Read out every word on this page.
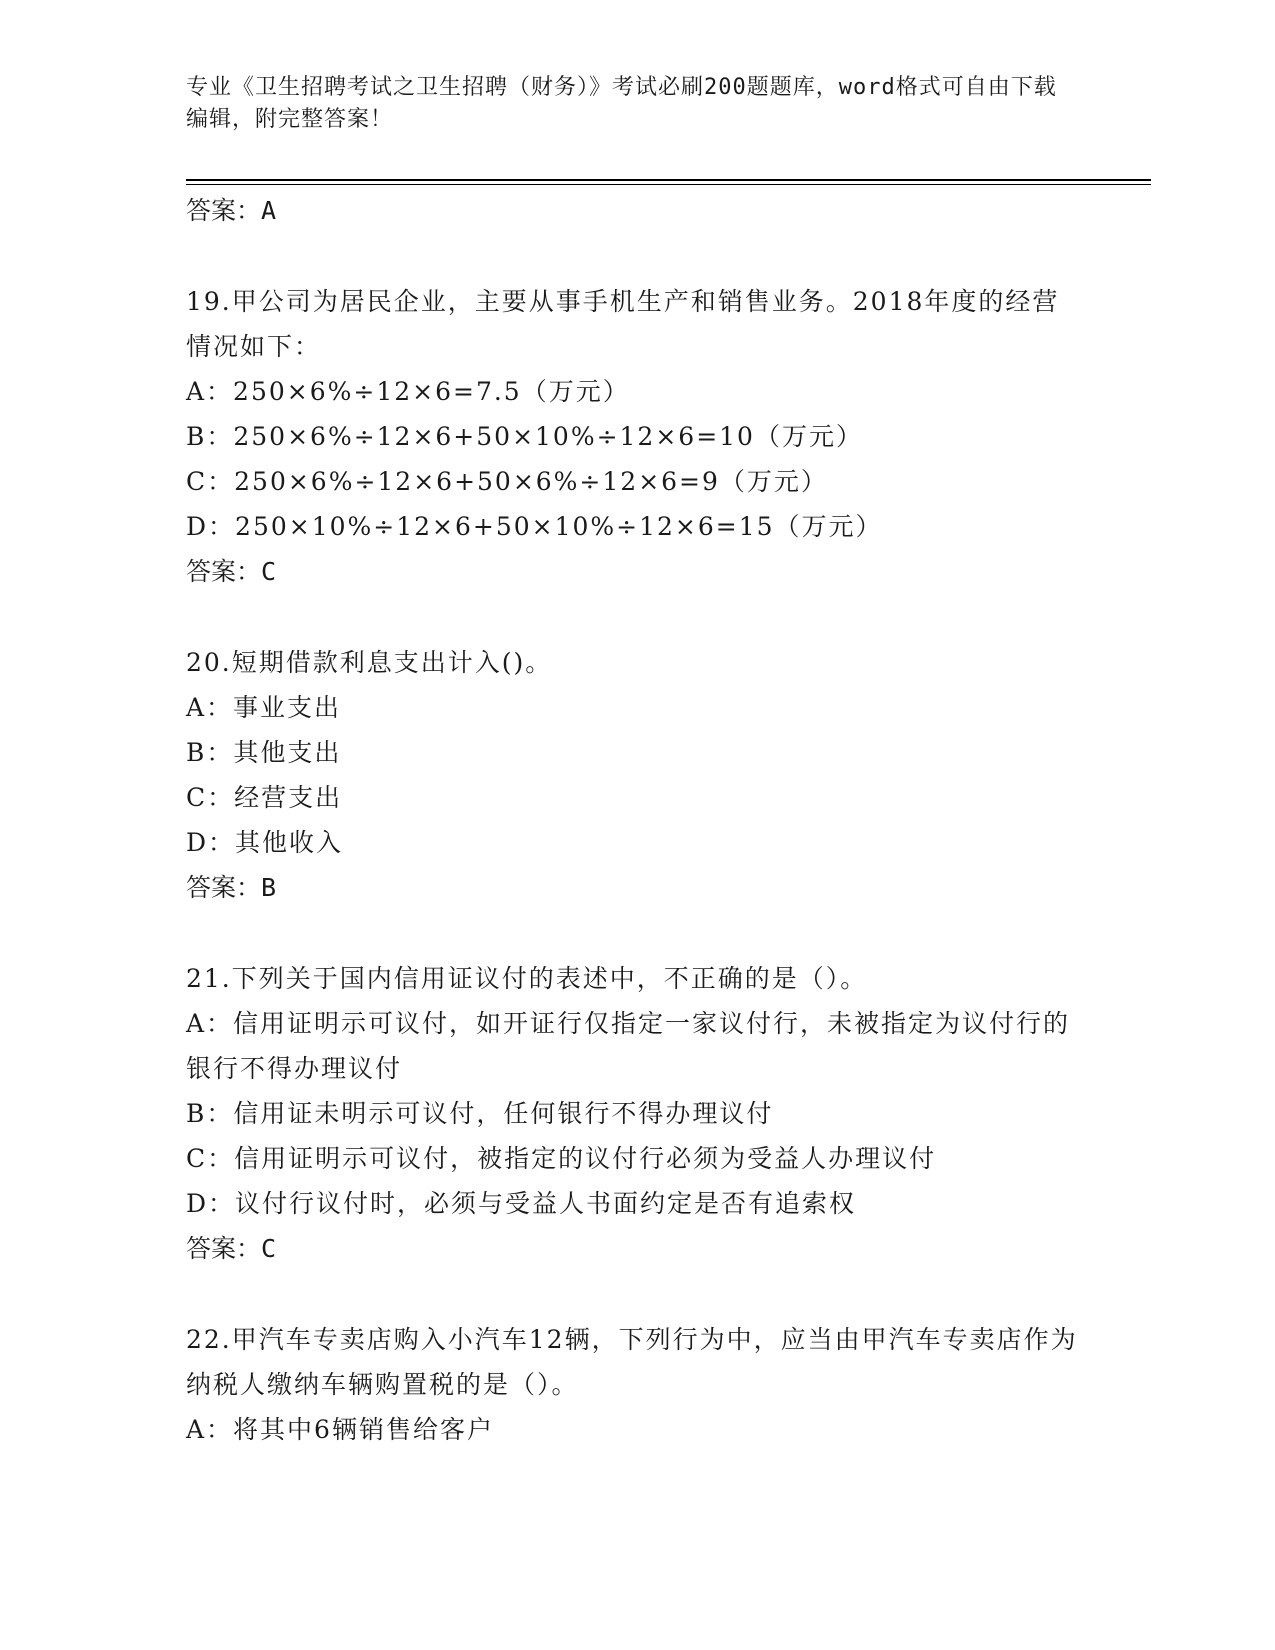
专业《卫生招聘考试之卫生招聘（财务）》考试必刷200题题库，word格式可自由下载编辑，附完整答案！

答案：A

19.甲公司为居民企业，主要从事手机生产和销售业务。2018年度的经营情况如下：

A：250×6%÷12×6=7.5（万元）

B：250×6%÷12×6+50×10%÷12×6=10（万元）

C：250×6%÷12×6+50×6%÷12×6=9（万元）

D：250×10%÷12×6+50×10%÷12×6=15（万元）

答案：C

20.短期借款利息支出计入()。

A：事业支出

B：其他支出

C：经营支出

D：其他收入

答案：B

21.下列关于国内信用证议付的表述中，不正确的是（）。

A：信用证明示可议付，如开证行仅指定一家议付行，未被指定为议付行的银行不得办理议付

B：信用证未明示可议付，任何银行不得办理议付

C：信用证明示可议付，被指定的议付行必须为受益人办理议付

D：议付行议付时，必须与受益人书面约定是否有追索权

答案：C

22.甲汽车专卖店购入小汽车12辆，下列行为中，应当由甲汽车专卖店作为纳税人缴纳车辆购置税的是（）。

A：将其中6辆销售给客户
